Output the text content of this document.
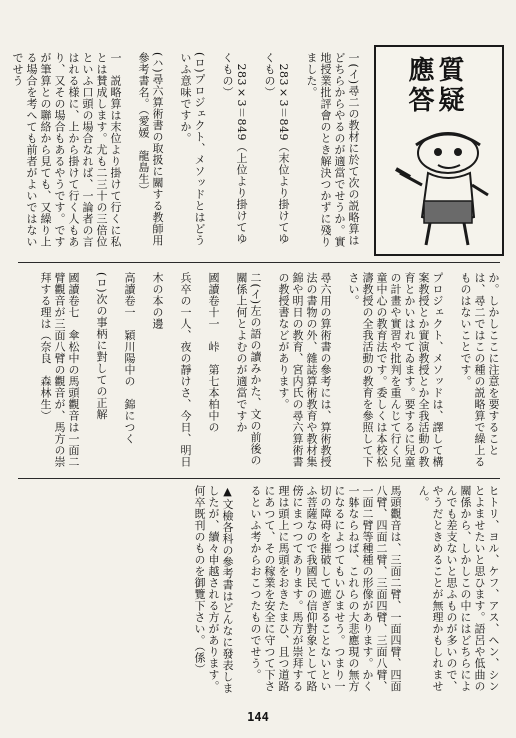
一(イ)尋二の教材に於て次の説略算はどちらからやるのが適當でせうか。實地授業批評會のとき解決つかずに殘りました。

　283×3＝849（末位より掛けてゆくもの）

　283×3＝849（上位より掛けてゆくもの）

(ロ)プロジェクト、メソッドとはどういふ意味ですか。

(ハ)尋六算術書の取扱に關する教師用參考書名。（愛媛　龍島生）

一　説略算は末位より掛けて行くに私とは賛成します。尤も二三十の三倍位といふ口頭の場合なれば、一論者の言はれる様に、上から掛けて行く人もあり、又その場合もあるやうです。ですが筆算との聯絡から見ても、又繰り上る場合を考へても前者がよいではないでせう	質疑
應答
か。しかしここに注意を要することは、尋二ではこの種の説略算で繰上るものはないことです。

プロジェクト、メソッドは、譯して構案教授とか實演教授とか全我活動の教育とかいはれてゐます。要するに兒童の計畫や實習や批判を重んじて行く兒童中心の教育法です。委しくは本校松濤教授の全我活動の教育を參照して下さい。

尋六用の算術書の參考には、算術教授法の書物の外、雜誌算術教育や教材集錦や明日の教育、宮内氏の尋六算術書の教授書などがあります。

二(イ)左の語の讀みかた、文の前後の關係上何とよむのが適當ですか

國讀卷十一　峠　第七本柏中の

兵卒の一人、夜の靜けさ、今日、明日

木の本の邊

高讀卷一　穎川陽中の　錦につく

(ロ)次の事柄に對しての正解

國讀卷七　傘松中の馬頭觀音は一面二臂觀音が三面八臂の觀音が、馬方の崇拜する理は（奈良　森林生）
ヒトリ、ヨル、ケフ、アス、ヘン、シンとよませたいと思ひます。語呂や低曲の關係から、しかしこの中にはどちらによんでも差支ないと思ふものが多いので、やうだときめることが無理かもしれません。

馬頭觀音は、三面二臂、一面四臂、四面八臂、四面二臂、三面四臂、三面八臂、一面二臂等種種の形像があります。かく一躰ならねば、これらの大悲應現の無方になるによつてもいひませう。つまり一切の障碍を摧破して遮ぎることないといふ菩薩なので我國民の信仰對象として路傍にまつつてあります。馬方が崇拜する理は頭上に馬頭をおきたまひ、且つ道路にあつて、その稼業を安全に守つて下さるといふ考からおこつたものでせう。

▲文檢各科の參考書はどんなに發表しましたが、續々申越される方があります。何卒既刊のものを御覽下さい。（係）
144
